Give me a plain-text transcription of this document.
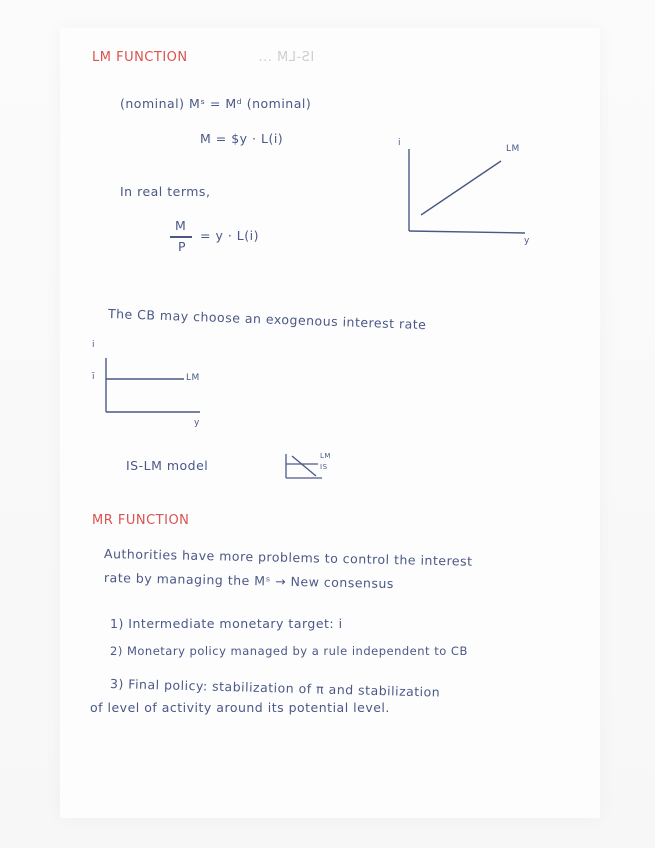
LM FUNCTION	IS-LM ...
(nominal) Mˢ = Mᵈ (nominal)
M = $y · L(i)
In real terms,
M
P
= y · L(i)
i
LM
y
The CB may choose an exogenous interest rate
i
ī	LM
y
IS-LM model
LM
IS
MR FUNCTION
Authorities have more problems to control the interest
rate by managing the Mˢ → New consensus
1) Intermediate monetary target: i
2) Monetary policy managed by a rule independent to CB
3) Final policy: stabilization of π and stabilization
of level of activity around its potential level.
